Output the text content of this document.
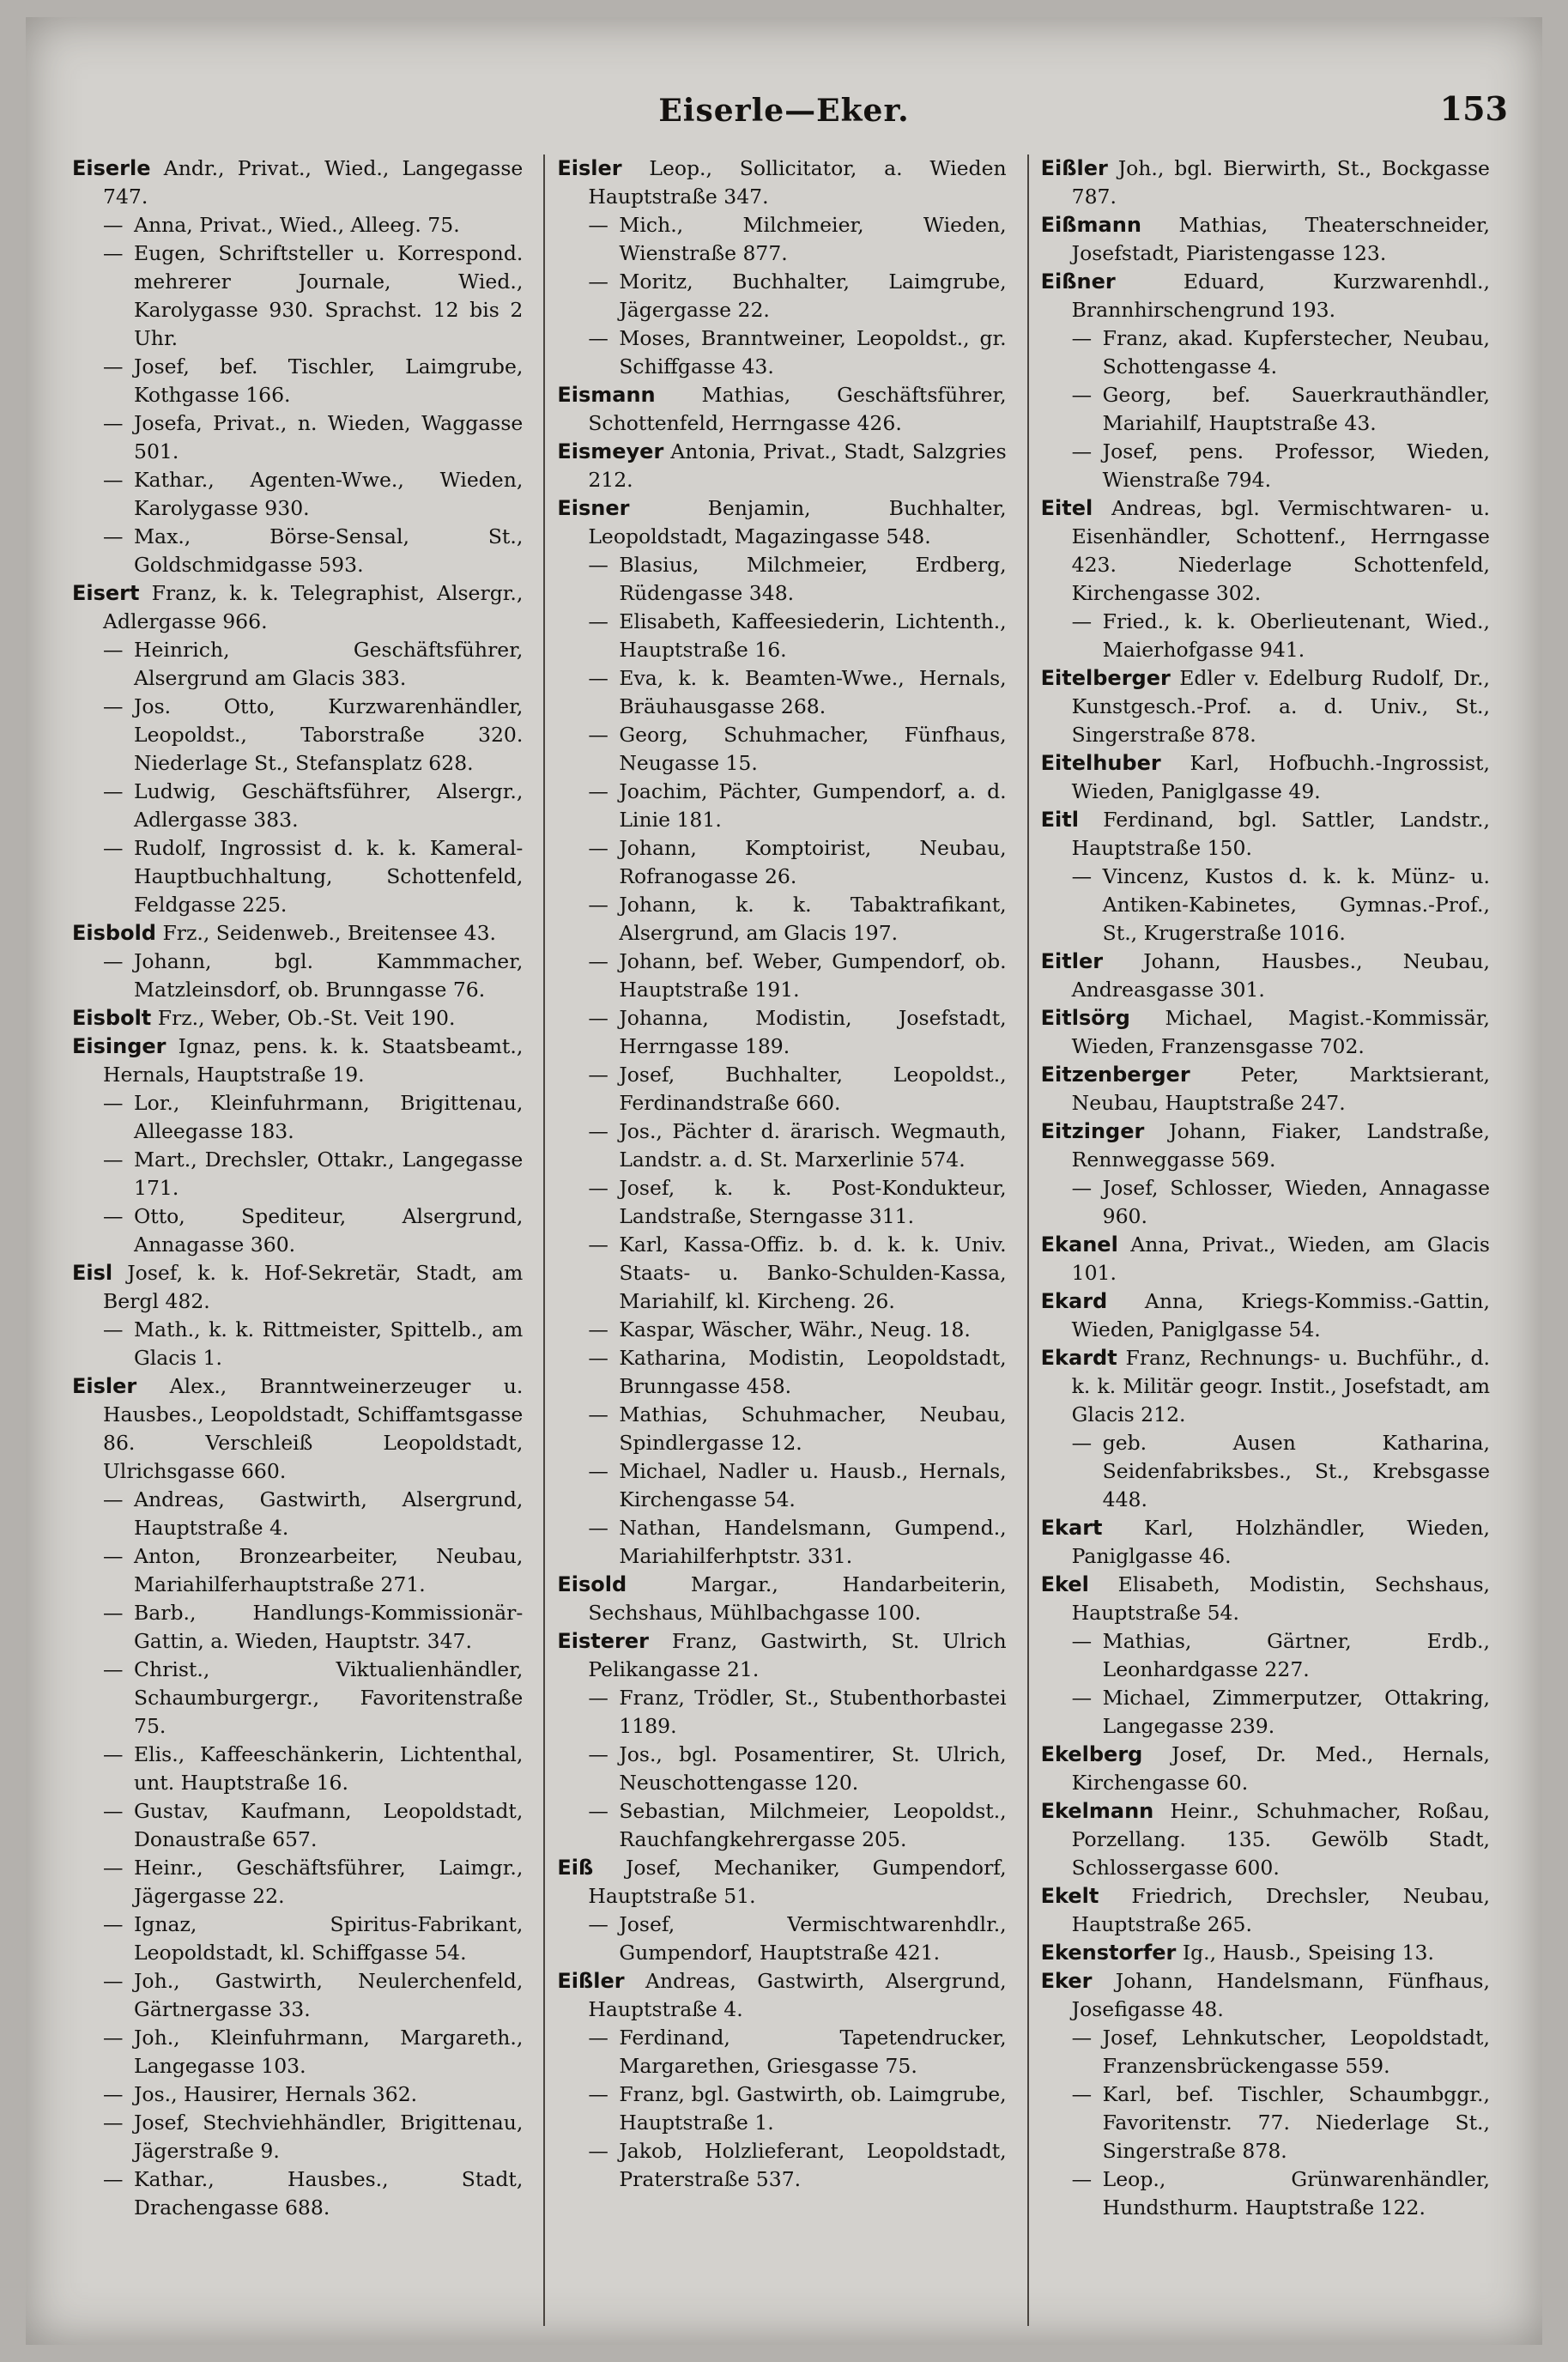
Eiserle—Eker.	153
Eiserle Andr., Privat., Wied., Langegasse 747.
— Anna, Privat., Wied., Alleeg. 75.
— Eugen, Schriftsteller u. Korrespond. mehrerer Journale, Wied., Karolygasse 930. Sprachst. 12 bis 2 Uhr.
— Josef, bef. Tischler, Laimgrube, Kothgasse 166.
— Josefa, Privat., n. Wieden, Waggasse 501.
— Kathar., Agenten-Wwe., Wieden, Karolygasse 930.
— Max., Börse-Sensal, St., Goldschmidgasse 593.
Eisert Franz, k. k. Telegraphist, Alsergr., Adlergasse 966.
— Heinrich, Geschäftsführer, Alsergrund am Glacis 383.
— Jos. Otto, Kurzwarenhändler, Leopoldst., Taborstraße 320. Niederlage St., Stefansplatz 628.
— Ludwig, Geschäftsführer, Alsergr., Adlergasse 383.
— Rudolf, Ingrossist d. k. k. Kameral-Hauptbuchhaltung, Schottenfeld, Feldgasse 225.
Eisbold Frz., Seidenweb., Breitensee 43.
— Johann, bgl. Kammmacher, Matzleinsdorf, ob. Brunngasse 76.
Eisbolt Frz., Weber, Ob.-St. Veit 190.
Eisinger Ignaz, pens. k. k. Staatsbeamt., Hernals, Hauptstraße 19.
— Lor., Kleinfuhrmann, Brigittenau, Alleegasse 183.
— Mart., Drechsler, Ottakr., Langegasse 171.
— Otto, Spediteur, Alsergrund, Annagasse 360.
Eisl Josef, k. k. Hof-Sekretär, Stadt, am Bergl 482.
— Math., k. k. Rittmeister, Spittelb., am Glacis 1.
Eisler Alex., Branntweinerzeuger u. Hausbes., Leopoldstadt, Schiffamtsgasse 86. Verschleiß Leopoldstadt, Ulrichsgasse 660.
— Andreas, Gastwirth, Alsergrund, Hauptstraße 4.
— Anton, Bronzearbeiter, Neubau, Mariahilferhauptstraße 271.
— Barb., Handlungs-Kommissionär-Gattin, a. Wieden, Hauptstr. 347.
— Christ., Viktualienhändler, Schaumburgergr., Favoritenstraße 75.
— Elis., Kaffeeschänkerin, Lichtenthal, unt. Hauptstraße 16.
— Gustav, Kaufmann, Leopoldstadt, Donaustraße 657.
— Heinr., Geschäftsführer, Laimgr., Jägergasse 22.
— Ignaz, Spiritus-Fabrikant, Leopoldstadt, kl. Schiffgasse 54.
— Joh., Gastwirth, Neulerchenfeld, Gärtnergasse 33.
— Joh., Kleinfuhrmann, Margareth., Langegasse 103.
— Jos., Hausirer, Hernals 362.
— Josef, Stechviehhändler, Brigittenau, Jägerstraße 9.
— Kathar., Hausbes., Stadt, Drachengasse 688.
Eisler Leop., Sollicitator, a. Wieden Hauptstraße 347.
— Mich., Milchmeier, Wieden, Wienstraße 877.
— Moritz, Buchhalter, Laimgrube, Jägergasse 22.
— Moses, Branntweiner, Leopoldst., gr. Schiffgasse 43.
Eismann Mathias, Geschäftsführer, Schottenfeld, Herrngasse 426.
Eismeyer Antonia, Privat., Stadt, Salzgries 212.
Eisner	Benjamin, Buchhalter, Leopoldstadt, Magazingasse 548.
— Blasius, Milchmeier, Erdberg, Rüdengasse 348.
— Elisabeth, Kaffeesiederin, Lichtenth., Hauptstraße 16.
— Eva, k. k. Beamten-Wwe., Hernals, Bräuhausgasse 268.
— Georg, Schuhmacher, Fünfhaus, Neugasse 15.
— Joachim, Pächter, Gumpendorf, a. d. Linie 181.
— Johann, Komptoirist, Neubau, Rofranogasse 26.
— Johann, k. k. Tabaktrafikant, Alsergrund, am Glacis 197.
— Johann, bef. Weber, Gumpendorf, ob. Hauptstraße 191.
— Johanna, Modistin, Josefstadt, Herrngasse 189.
— Josef, Buchhalter, Leopoldst., Ferdinandstraße 660.
— Jos., Pächter d. ärarisch. Wegmauth, Landstr. a. d. St. Marxerlinie 574.
— Josef, k. k. Post-Kondukteur, Landstraße, Sterngasse 311.
— Karl, Kassa-Offiz. b. d. k. k. Univ. Staats- u. Banko-Schulden-Kassa, Mariahilf, kl. Kircheng. 26.
— Kaspar, Wäscher, Währ., Neug. 18.
— Katharina, Modistin, Leopoldstadt, Brunngasse 458.
— Mathias, Schuhmacher, Neubau, Spindlergasse 12.
— Michael, Nadler u. Hausb., Hernals, Kirchengasse 54.
— Nathan, Handelsmann, Gumpend., Mariahilferhptstr. 331.
Eisold	Margar., Handarbeiterin, Sechshaus, Mühlbachgasse 100.
Eisterer Franz, Gastwirth, St. Ulrich Pelikangasse 21.
— Franz, Trödler, St., Stubenthorbastei 1189.
— Jos., bgl. Posamentirer, St. Ulrich, Neuschottengasse 120.
— Sebastian, Milchmeier, Leopoldst., Rauchfangkehrergasse 205.
Eiß Josef, Mechaniker, Gumpendorf, Hauptstraße 51.
— Josef, Vermischtwarenhdlr., Gumpendorf, Hauptstraße 421.
Eißler Andreas, Gastwirth, Alsergrund, Hauptstraße 4.
— Ferdinand, Tapetendrucker, Margarethen, Griesgasse 75.
— Franz, bgl. Gastwirth, ob. Laimgrube, Hauptstraße 1.
— Jakob, Holzlieferant, Leopoldstadt, Praterstraße 537.
Eißler Joh., bgl. Bierwirth, St., Bockgasse 787.
Eißmann Mathias, Theaterschneider, Josefstadt, Piaristengasse 123.
Eißner	Eduard, Kurzwarenhdl., Brannhirschengrund 193.
— Franz, akad. Kupferstecher, Neubau, Schottengasse 4.
— Georg, bef. Sauerkrauthändler, Mariahilf, Hauptstraße 43.
— Josef, pens. Professor, Wieden, Wienstraße 794.
Eitel Andreas, bgl. Vermischtwaren- u. Eisenhändler, Schottenf., Herrngasse 423. Niederlage Schottenfeld, Kirchengasse 302.
— Fried., k. k. Oberlieutenant, Wied., Maierhofgasse 941.
Eitelberger Edler v. Edelburg Rudolf, Dr., Kunstgesch.-Prof. a. d. Univ., St., Singerstraße 878.
Eitelhuber Karl, Hofbuchh.-Ingrossist, Wieden, Paniglgasse 49.
Eitl Ferdinand, bgl. Sattler, Landstr., Hauptstraße 150.
— Vincenz, Kustos d. k. k. Münz- u. Antiken-Kabinetes, Gymnas.-Prof., St., Krugerstraße 1016.
Eitler Johann, Hausbes., Neubau, Andreasgasse 301.
Eitlsörg Michael, Magist.-Kommissär, Wieden, Franzensgasse 702.
Eitzenberger Peter, Marktsierant, Neubau, Hauptstraße 247.
Eitzinger Johann, Fiaker, Landstraße, Rennweggasse 569.
— Josef, Schlosser, Wieden, Annagasse 960.
Ekanel Anna, Privat., Wieden, am Glacis 101.
Ekard Anna, Kriegs-Kommiss.-Gattin, Wieden, Paniglgasse 54.
Ekardt Franz, Rechnungs- u. Buchführ., d. k. k. Militär geogr. Instit., Josefstadt, am Glacis 212.
— geb. Ausen Katharina, Seidenfabriksbes., St., Krebsgasse 448.
Ekart Karl, Holzhändler, Wieden, Paniglgasse 46.
Ekel Elisabeth, Modistin, Sechshaus, Hauptstraße 54.
— Mathias, Gärtner, Erdb., Leonhardgasse 227.
— Michael, Zimmerputzer, Ottakring, Langegasse 239.
Ekelberg Josef, Dr. Med., Hernals, Kirchengasse 60.
Ekelmann Heinr., Schuhmacher, Roßau, Porzellang. 135. Gewölb Stadt, Schlossergasse 600.
Ekelt Friedrich, Drechsler, Neubau, Hauptstraße 265.
Ekenstorfer Ig., Hausb., Speising 13.
Eker Johann, Handelsmann, Fünfhaus, Josefigasse 48.
— Josef, Lehnkutscher, Leopoldstadt, Franzensbrückengasse 559.
— Karl, bef. Tischler, Schaumbggr., Favoritenstr. 77. Niederlage St., Singerstraße 878.
— Leop., Grünwarenhändler, Hundsthurm. Hauptstraße 122.
